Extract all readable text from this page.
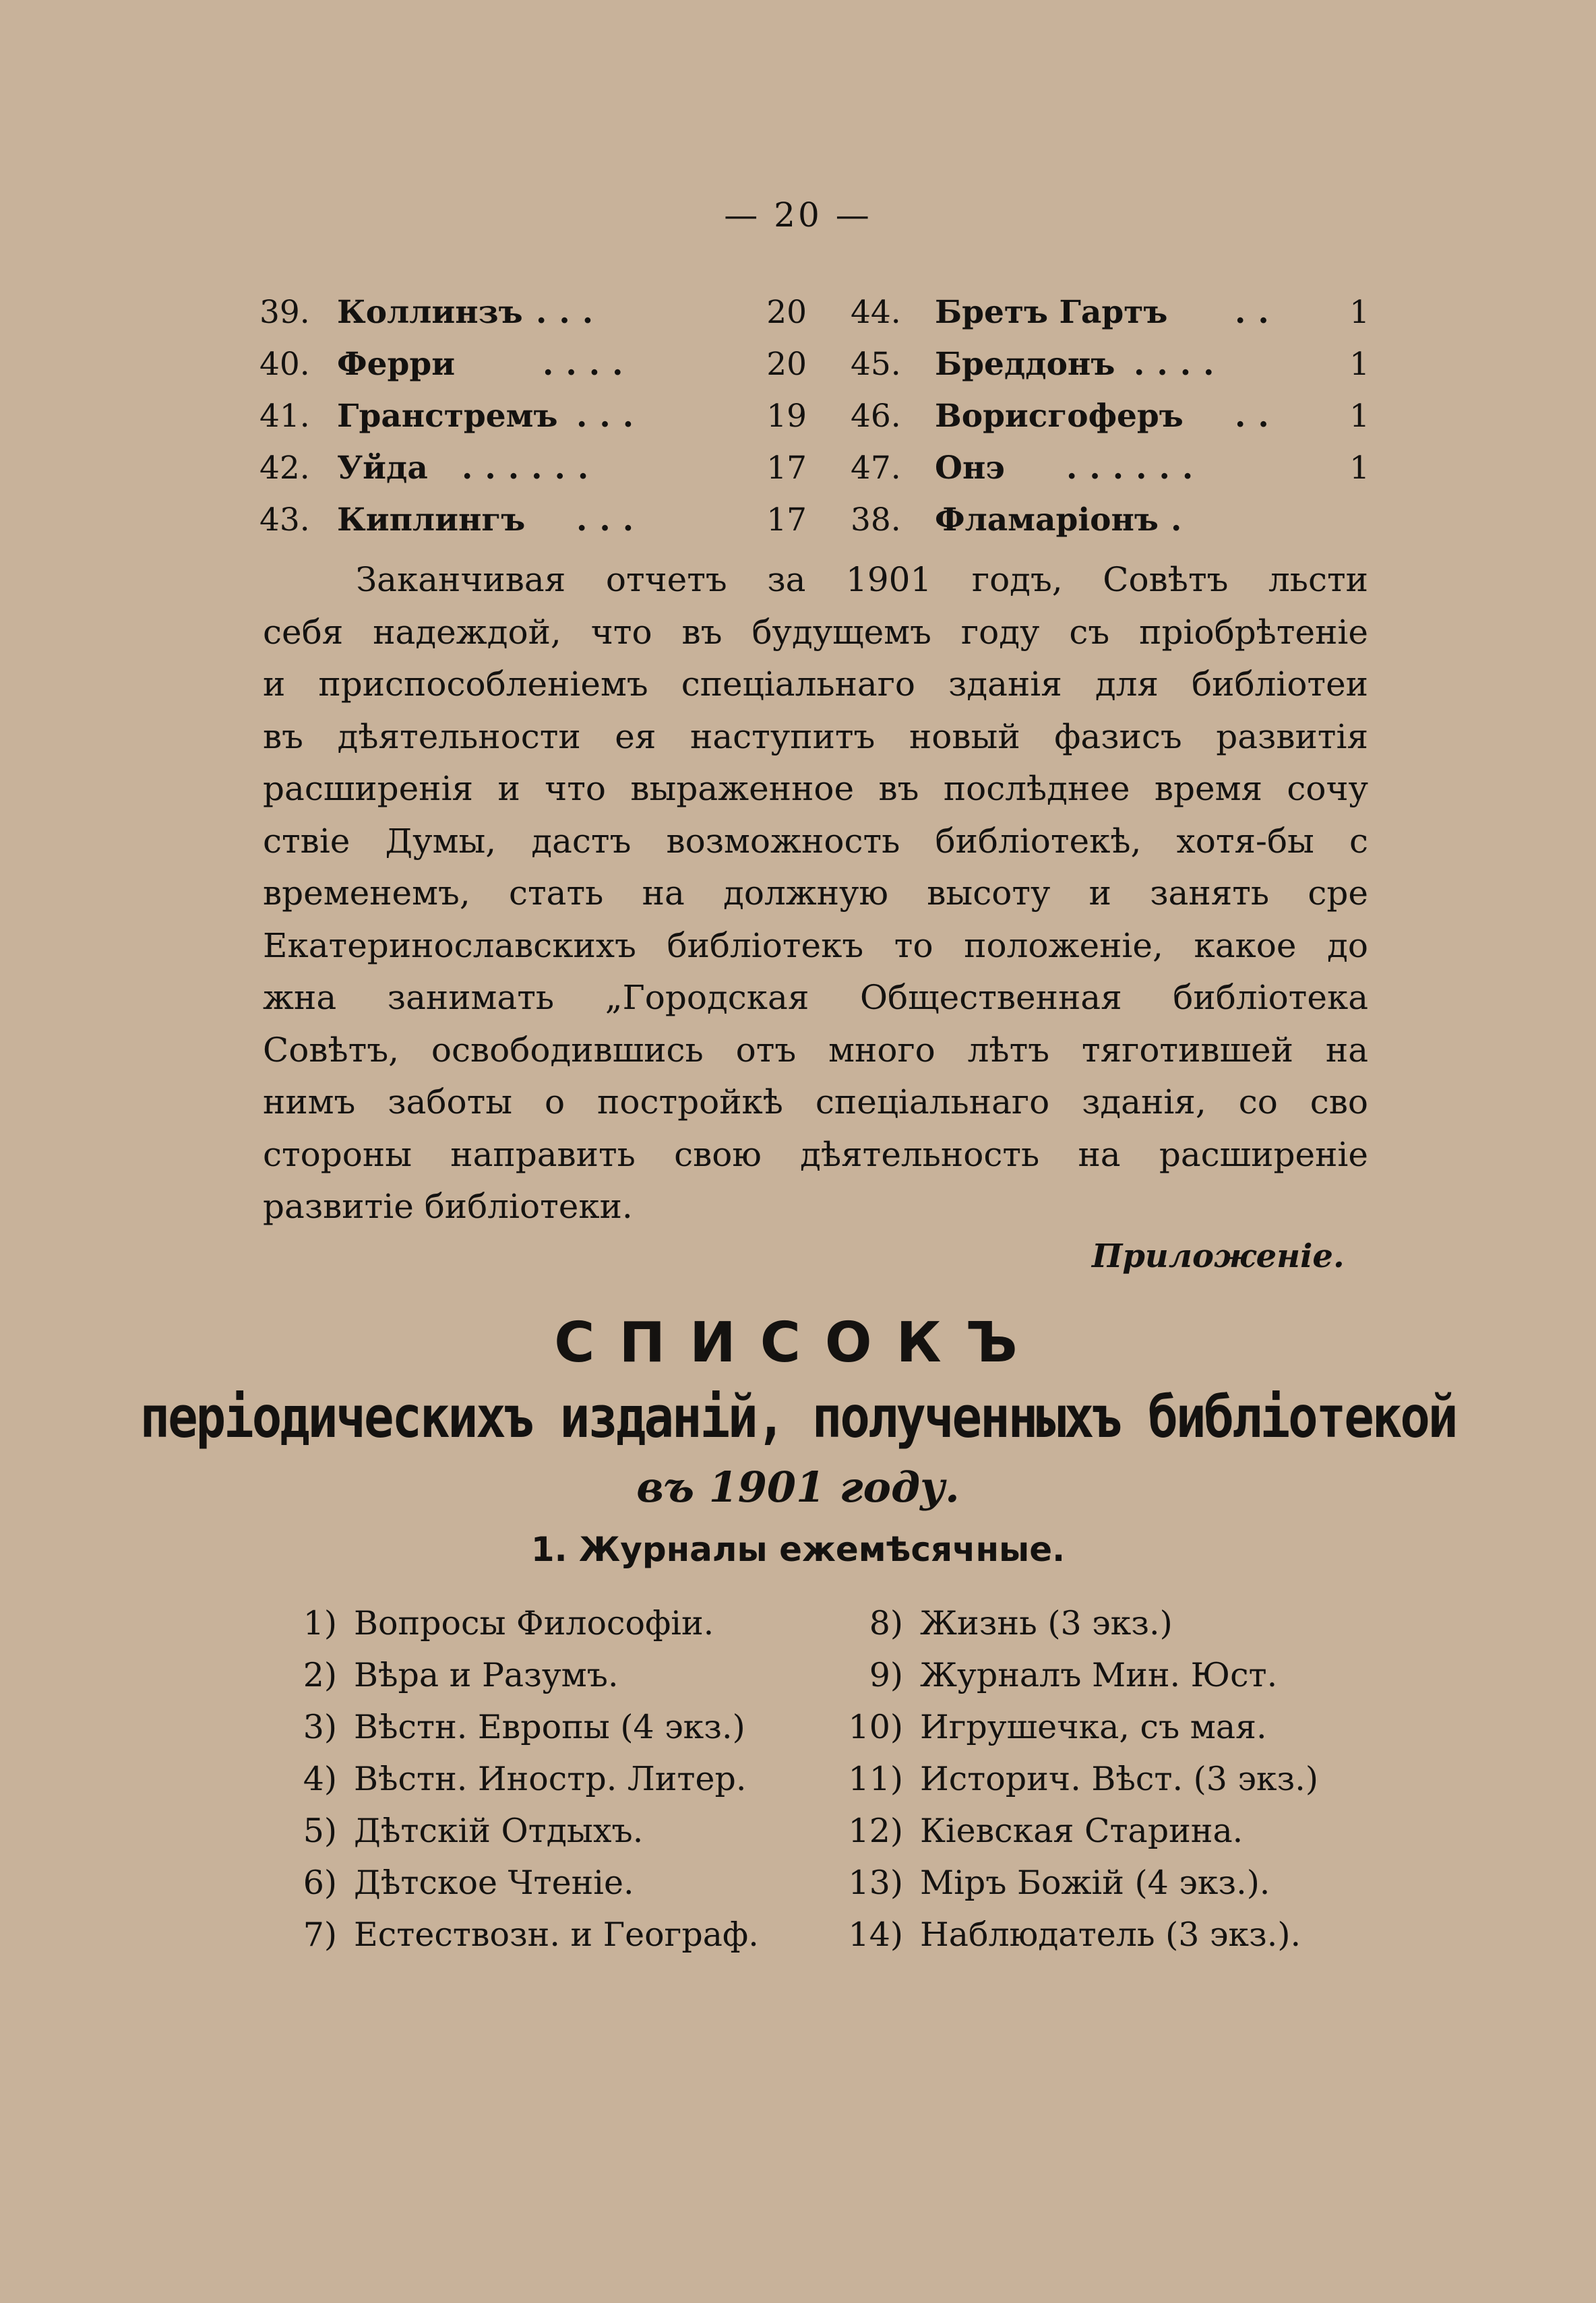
— 20 —
39. Коллинзъ ...	20
40. Ферри	....	20
41. Гранстремъ ...	19
42. Уйда ......	17
43. Киплингъ ...	17
44. Бретъ Гартъ ..	1
45. Бреддонъ ....	1
46. Ворисгоферъ ..	1
47. Онэ ......	1
38. Фламаріонъ .
Заканчивая отчетъ за 1901 годъ, Совѣтъ льсти
себя надеждой, что въ будущемъ году съ пріобрѣтеніе
и приспособленіемъ спеціальнаго зданія для библіотеи
въ дѣятельности ея наступитъ новый фазисъ развитія
расширенія и что выраженное въ послѣднее время сочу
ствіе Думы, дастъ возможность библіотекѣ, хотя-бы с
временемъ, стать на должную высоту и занять сре
Екатеринославскихъ библіотекъ то положеніе, какое до
жна занимать „Городская Общественная библіотека
Совѣтъ, освободившись отъ много лѣтъ тяготившей на
нимъ заботы о постройкѣ спеціальнаго зданія, со сво
стороны направить свою дѣятельность на расширеніе
развитіе библіотеки.
Приложеніе.
СПИСОКЪ
періодическихъ изданій, полученныхъ библіотекой
въ 1901 году.
1. Журналы ежемѣсячные.
1) Вопросы Философіи.
2) Вѣра и Разумъ.
3) Вѣстн. Европы (4 экз.)
4) Вѣстн. Иностр. Литер.
5) Дѣтскій Отдыхъ.
6) Дѣтское Чтеніе.
7) Естествозн. и Географ.
8) Жизнь (3 экз.)
9) Журналъ Мин. Юст.
10) Игрушечка, съ мая.
11) Историч. Вѣст. (3 экз.)
12) Кіевская Старина.
13) Міръ Божій (4 экз.).
14) Наблюдатель (3 экз.).
